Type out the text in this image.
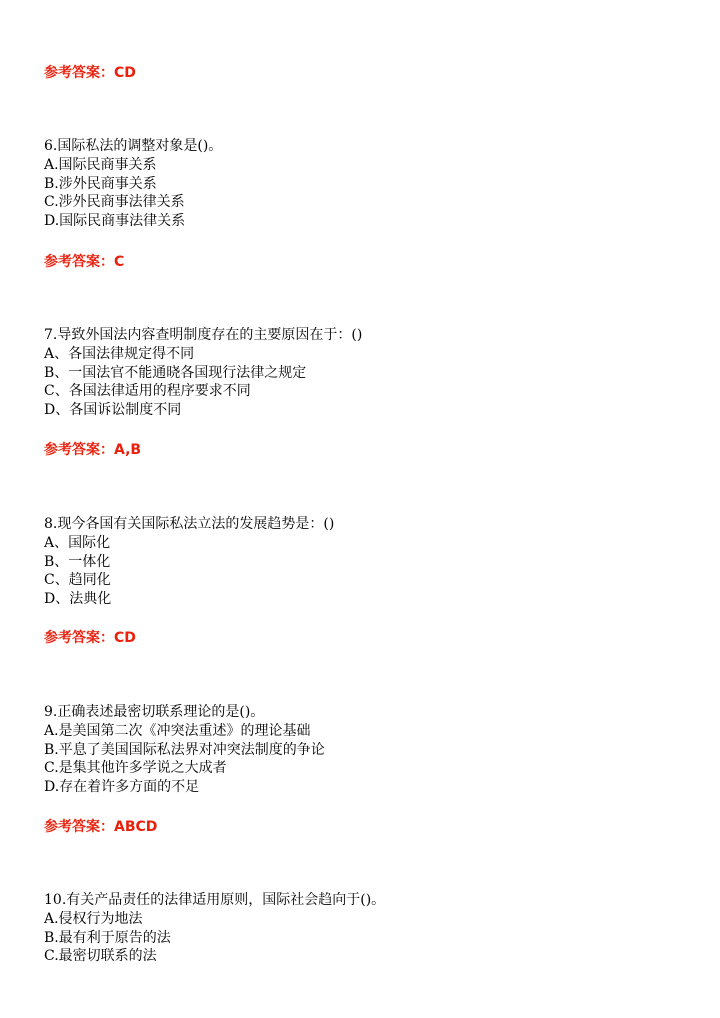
参考答案：CD
6.国际私法的调整对象是()。
A.国际民商事关系
B.涉外民商事关系
C.涉外民商事法律关系
D.国际民商事法律关系
参考答案：C
7.导致外国法内容查明制度存在的主要原因在于：()
A、各国法律规定得不同
B、一国法官不能通晓各国现行法律之规定
C、各国法律适用的程序要求不同
D、各国诉讼制度不同
参考答案：A,B
8.现今各国有关国际私法立法的发展趋势是：()
A、国际化
B、一体化
C、趋同化
D、法典化
参考答案：CD
9.正确表述最密切联系理论的是()。
A.是美国第二次《冲突法重述》的理论基础
B.平息了美国国际私法界对冲突法制度的争论
C.是集其他许多学说之大成者
D.存在着许多方面的不足
参考答案：ABCD
10.有关产品责任的法律适用原则，国际社会趋向于()。
A.侵权行为地法
B.最有利于原告的法
C.最密切联系的法
